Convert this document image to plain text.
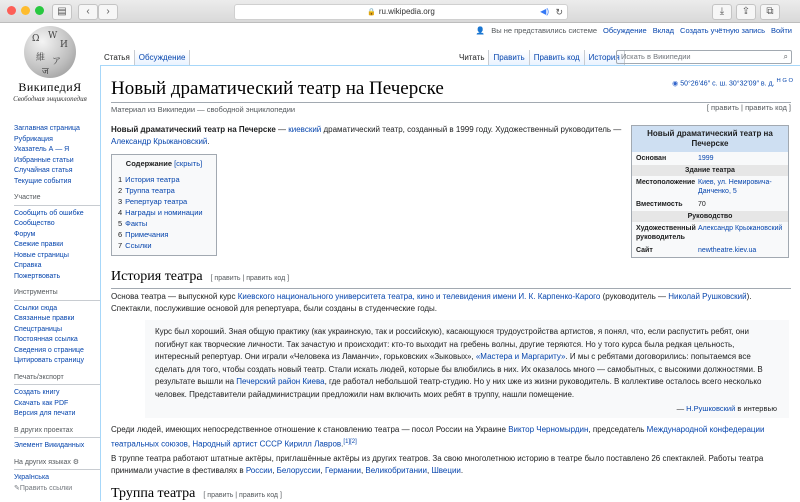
▤	‹	›	🔒 ru.wikipedia.org	◀) ↻	⤓	⇪	⧉
👤 Вы не представились системе Обсуждение Вклад Создать учётную запись Войти
Ω W
И
維 ア
ज
ВикипедиЯ
Свободная энциклопедия
Статья	Обсуждение	Читать	Править	Править код	История Искать в Википедии	⌕
Заглавная страница
Рубрикация
Указатель А — Я
Избранные статьи
Случайная статья
Текущие события
Участие
Сообщить об ошибке
Сообщество
Форум
Свежие правки
Новые страницы
Справка
Пожертвовать
Инструменты
Ссылки сюда
Связанные правки
Спецстраницы
Постоянная ссылка
Сведения о странице
Цитировать страницу
Печать/экспорт
Создать книгу
Скачать как PDF
Версия для печати
В других проектах
Элемент Викиданных
На других языках ⚙
Українська
✎Править ссылки
◉ 50°26′46″ с. ш. 30°32′09″ в. д. $^{H G O}$
Новый драматический театр на Печерске
Материал из Википедии — свободной энциклопедии	[ править | править код ]
Новый драматический театр на Печерске — киевский драматический театр, созданный в 1999 году. Художественный руководитель — Александр Крыжановский.
Содержание [скрыть]
1 История театра
2 Труппа театра
3 Репертуар театра
4 Награды и номинации
5 Факты
6 Примечания
7 Ссылки
Новый драматический театр на Печерске
Основан	1999
Здание театра
Местоположение Киев, ул. Немировича-Данченко, 5
Вместимость	70
Руководство
Художественный руководитель
Александр Крыжановский
Сайт	newtheatre.kiev.ua
История театра [ править | править код ]
Основа театра — выпускной курс Киевского национального университета театра, кино и телевидения имени И. К. Карпенко-Карого (руководитель — Николай Рушковский). Спектакли, послужившие основой для репертуара, были созданы в студенческие годы.
Курс был хороший. Зная общую практику (как украинскую, так и российскую), касающуюся трудоустройства артистов, я понял, что, если распустить ребят, они погибнут как творческие личности. Так зачастую и происходит: кто-то выходит на гребень волны, другие теряются. Но у того курса была редкая цельность, интересный репертуар. Они играли «Человека из Ламанчи», горьковских «Зыковых», «Мастера и Маргариту». И мы с ребятами договорились: попытаемся все сделать для того, чтобы создать новый театр. Стали искать людей, которые бы влюбились в них. Их оказалось много — самобытных, с высокими должностями. В результате вышли на Печерский район Киева, где работал небольшой театр-студию. Но у них uже из жизни руководитель. В коллективе осталось всего несколько человек. Представители райадминистрации предложили нам включить моих ребят в труппу, нашли помещение.
— Н.Рушковский в интервью
Среди людей, имеющих непосредственное отношение к становлению театра — посол России на Украине Виктор Черномырдин, председатель Международной конфедерации театральных союзов, Народный артист СССР Кирилл Лавров.[1][2]
В труппе театра работают штатные актёры, приглашённые актёры из других театров. За свою многолетнюю историю в театре было поставлено 26 спектаклей. Работы театра принимали участие в фестивалях в России, Белоруссии, Германии, Великобритании, Швеции.
Труппа театра [ править | править код ]
